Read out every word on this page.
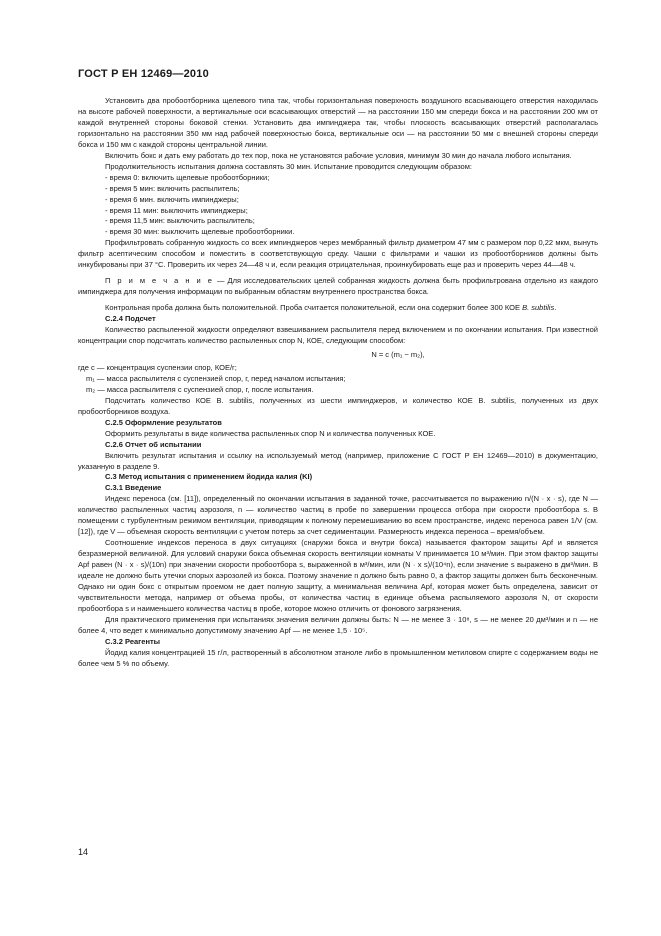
ГОСТ Р ЕН 12469—2010

Установить два пробоотборника щелевого типа так, чтобы горизонтальная поверхность воздушного всасывающего отверстия находилась на высоте рабочей поверхности, а вертикальные оси всасывающих отверстий — на расстоянии 150 мм спереди бокса и на расстоянии 200 мм от каждой внутренней стороны боковой стенки. Установить два импинджера так, чтобы плоскость всасывающих отверстий располагалась горизонтально на расстоянии 350 мм над рабочей поверхностью бокса, вертикальные оси — на расстоянии 50 мм с внешней стороны спереди бокса и 150 мм с каждой стороны центральной линии.

Включить бокс и дать ему работать до тех пор, пока не установятся рабочие условия, минимум 30 мин до начала любого испытания.

Продолжительность испытания должна составлять 30 мин. Испытание проводится следующим образом:

- время 0: включить щелевые пробоотборники;

- время 5 мин: включить распылитель;

- время 6 мин. включить импинджеры;

- время 11 мин: выключить импинджеры;

- время 11,5 мин: выключить распылитель;

- время 30 мин: выключить щелевые пробоотборники.

Профильтровать собранную жидкость со всех импинджеров через мембранный фильтр диаметром 47 мм с размером пор 0,22 мкм, вынуть фильтр асептическим способом и поместить в соответствующую среду. Чашки с фильтрами и чашки из пробоотборников должны быть инкубированы при 37 °С. Проверить их через 24—48 ч и, если реакция отрицательная, проинкубировать еще раз и проверить через 44—48 ч.

П р и м е ч а н и е — Для исследовательских целей собранная жидкость должна быть профильтрована отдельно из каждого импинджера для получения информации по выбранным областям внутреннего пространства бокса.

Контрольная проба должна быть положительной. Проба считается положительной, если она содержит более 300 КОЕ B. subtilis.

С.2.4 Подсчет

Количество распыленной жидкости определяют взвешиванием распылителя перед включением и по окончании испытания. При известной концентрации спор подсчитать количество распыленных спор N, КОЕ, следующим способом:

N = c (m₁ − m₂),

где c — концентрация суспензии спор, КОЕ/г;

m₁ — масса распылителя с суспензией спор, г, перед началом испытания;

m₂ — масса распылителя с суспензией спор, г, после испытания.

Подсчитать количество КОЕ B. subtilis, полученных из шести импинджеров, и количество КОЕ B. subtilis, полученных из двух пробоотборников воздуха.

С.2.5 Оформление результатов

Оформить результаты в виде количества распыленных спор N и количества полученных КОЕ.

С.2.6 Отчет об испытании

Включить результат испытания и ссылку на используемый метод (например, приложение С ГОСТ Р ЕН 12469—2010) в документацию, указанную в разделе 9.

С.3 Метод испытания с применением йодида калия (KI)

С.3.1 Введение

Индекс переноса (см. [11]), определенный по окончании испытания в заданной точке, рассчитывается по выражению n/(N · x · s), где N — количество распыленных частиц аэрозоля, n — количество частиц в пробе по завершении процесса отбора при скорости пробоотбора s. В помещении с турбулентным режимом вентиляции, приводящим к полному перемешиванию во всем пространстве, индекс переноса равен 1/V (см. [12]), где V — объемная скорость вентиляции с учетом потерь за счет седиментации. Размерность индекса переноса – время/объем.

Соотношение индексов переноса в двух ситуациях (снаружи бокса и внутри бокса) называется фактором защиты Apf и является безразмерной величиной. Для условий снаружи бокса объемная скорость вентиляции комнаты V принимается 10 м³/мин. При этом фактор защиты Apf равен (N · x · s)/(10n) при значении скорости пробоотбора s, выраженной в м³/мин, или (N · x s)/(10⁴n), если значение s выражено в дм³/мин. В идеале не должно быть утечки спорых аэрозолей из бокса. Поэтому значение n должно быть равно 0, а фактор защиты должен быть бесконечным. Однако ни один бокс с открытым проемом не дает полную защиту, а минимальная величина Apf, которая может быть определена, зависит от чувствительности метода, например от объема пробы, от количества частиц в единице объема распыляемого аэрозоля N, от скорости пробоотбора s и наименьшего количества частиц в пробе, которое можно отличить от фонового загрязнения.

Для практического применения при испытаниях значения величин должны быть: N — не менее 3 · 10⁸, s — не менее 20 дм³/мин и n — не более 4, что ведет к минимально допустимому значению Apf — не менее 1,5 · 10⁵.

С.3.2 Реагенты

Йодид калия концентрацией 15 г/л, растворенный в абсолютном этаноле либо в промышленном метиловом спирте с содержанием воды не более чем 5 % по объему.

14
